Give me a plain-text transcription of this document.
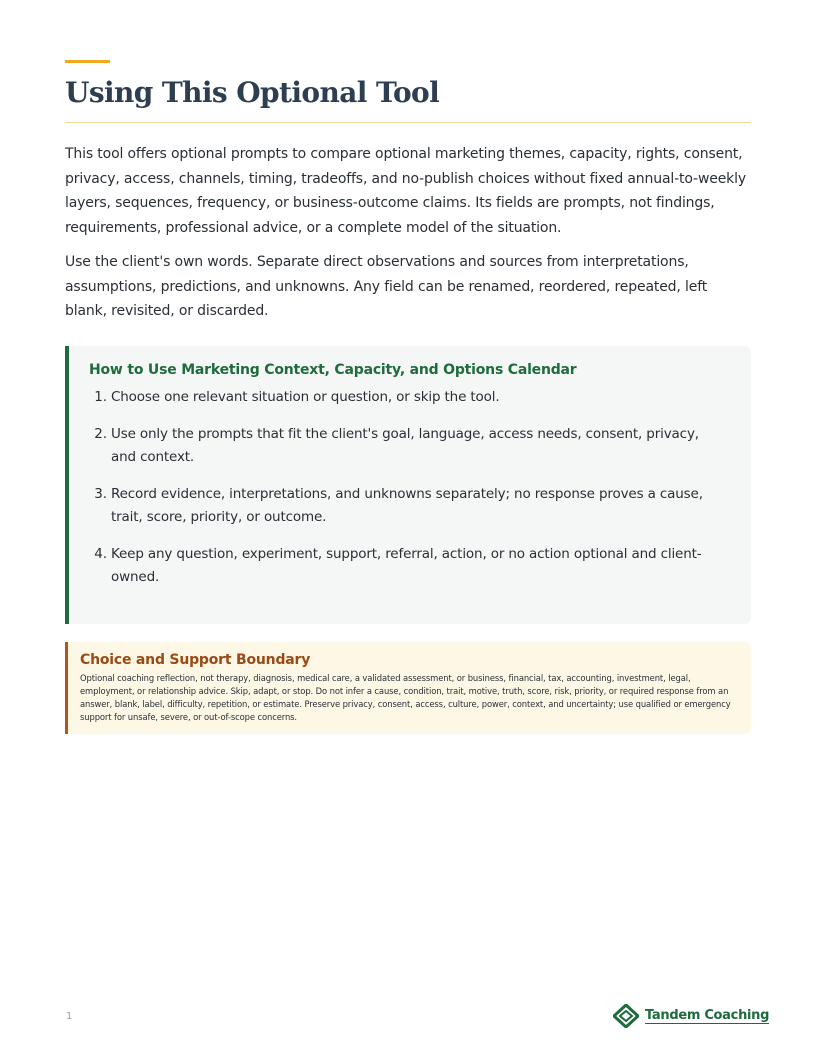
Using This Optional Tool

This tool offers optional prompts to compare optional marketing themes, capacity, rights, consent, privacy, access, channels, timing, tradeoffs, and no-publish choices without fixed annual-to-weekly layers, sequences, frequency, or business-outcome claims. Its fields are prompts, not findings, requirements, professional advice, or a complete model of the situation.

Use the client's own words. Separate direct observations and sources from interpretations, assumptions, predictions, and unknowns. Any field can be renamed, reordered, repeated, left blank, revisited, or discarded.

How to Use Marketing Context, Capacity, and Options Calendar
1. Choose one relevant situation or question, or skip the tool.
2. Use only the prompts that fit the client's goal, language, access needs, consent, privacy, and context.
3. Record evidence, interpretations, and unknowns separately; no response proves a cause, trait, score, priority, or outcome.
4. Keep any question, experiment, support, referral, action, or no action optional and client-owned.
Choice and Support Boundary

Optional coaching reflection, not therapy, diagnosis, medical care, a validated assessment, or business, financial, tax, accounting, investment, legal, employment, or relationship advice. Skip, adapt, or stop. Do not infer a cause, condition, trait, motive, truth, score, risk, priority, or required response from an answer, blank, label, difficulty, repetition, or estimate. Preserve privacy, consent, access, culture, power, context, and uncertainty; use qualified or emergency support for unsafe, severe, or out-of-scope concerns.

1	Tandem Coaching
